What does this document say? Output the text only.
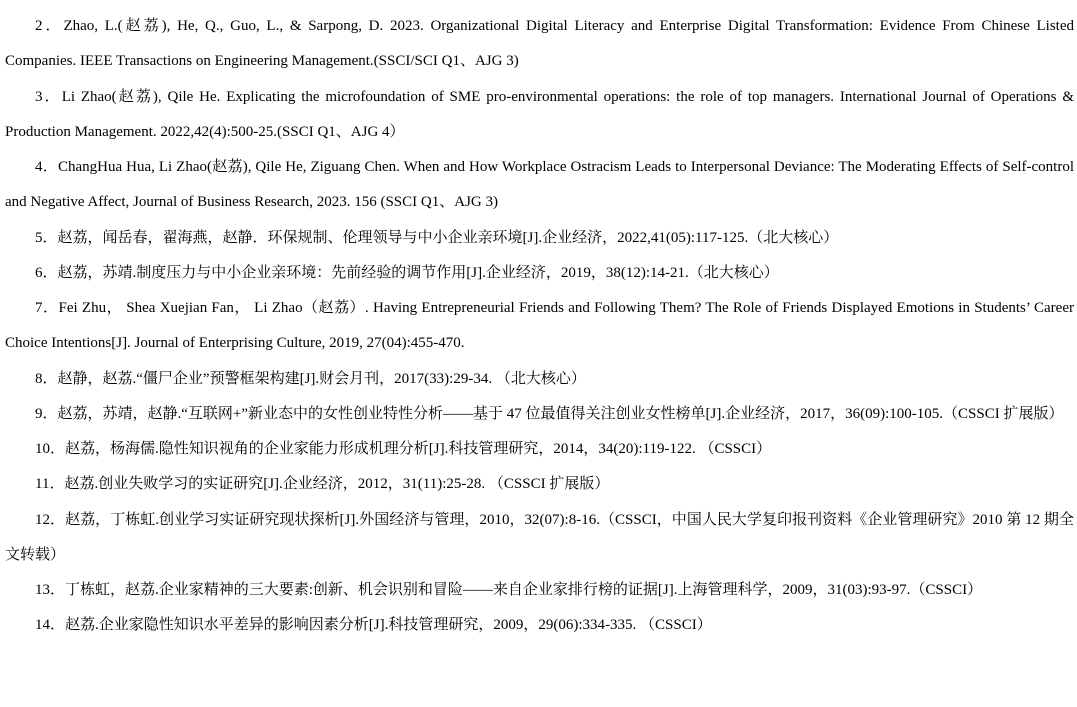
2．Zhao, L.(赵荔), He, Q., Guo, L., & Sarpong, D. 2023. Organizational Digital Literacy and Enterprise Digital Transformation: Evidence From Chinese Listed Companies. IEEE Transactions on Engineering Management.(SSCI/SCI Q1、AJG 3)

3．Li Zhao(赵荔), Qile He. Explicating the microfoundation of SME pro-environmental operations: the role of top managers. International Journal of Operations & Production Management. 2022,42(4):500-25.(SSCI Q1、AJG 4）

4．ChangHua Hua, Li Zhao(赵荔), Qile He, Ziguang Chen. When and How Workplace Ostracism Leads to Interpersonal Deviance: The Moderating Effects of Self-control and Negative Affect, Journal of Business Research, 2023. 156 (SSCI Q1、AJG 3)

5．赵荔，闻岳春，翟海燕，赵静．环保规制、伦理领导与中小企业亲环境[J].企业经济，2022,41(05):117-125.（北大核心）

6．赵荔，苏靖.制度压力与中小企业亲环境：先前经验的调节作用[J].企业经济，2019，38(12):14-21.（北大核心）

7．Fei Zhu， Shea Xuejian Fan， Li Zhao（赵荔）. Having Entrepreneurial Friends and Following Them? The Role of Friends Displayed Emotions in Students’ Career Choice Intentions[J]. Journal of Enterprising Culture, 2019, 27(04):455-470.

8．赵静，赵荔.“僵尸企业”预警框架构建[J].财会月刊，2017(33):29-34. （北大核心）

9．赵荔，苏靖，赵静.“互联网+”新业态中的女性创业特性分析——基于 47 位最值得关注创业女性榜单[J].企业经济，2017，36(09):100-105.（CSSCI 扩展版）

10．赵荔，杨海儒.隐性知识视角的企业家能力形成机理分析[J].科技管理研究，2014，34(20):119-122. （CSSCI）

11．赵荔.创业失败学习的实证研究[J].企业经济，2012，31(11):25-28. （CSSCI 扩展版）

12．赵荔，丁栋虹.创业学习实证研究现状探析[J].外国经济与管理，2010，32(07):8-16.（CSSCI，中国人民大学复印报刊资料《企业管理研究》2010 第 12 期全文转载）

13．丁栋虹，赵荔.企业家精神的三大要素:创新、机会识别和冒险——来自企业家排行榜的证据[J].上海管理科学，2009，31(03):93-97.（CSSCI）

14．赵荔.企业家隐性知识水平差异的影响因素分析[J].科技管理研究，2009，29(06):334-335. （CSSCI）
